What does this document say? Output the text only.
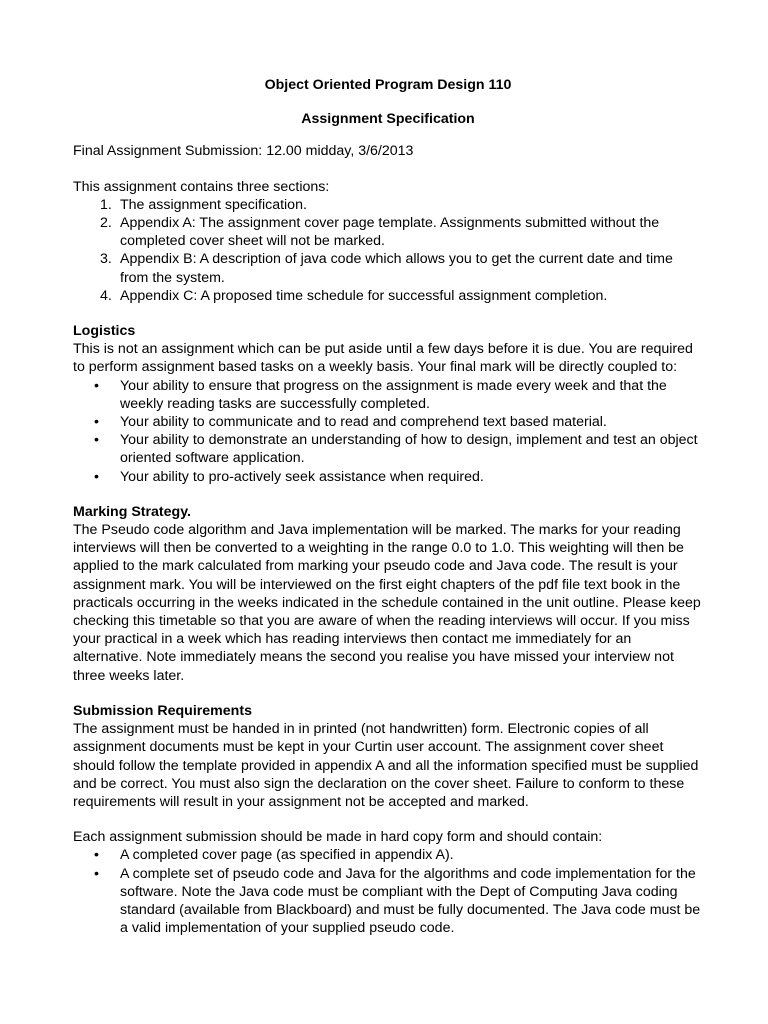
Object Oriented Program Design 110
Assignment Specification

Final Assignment Submission: 12.00 midday, 3/6/2013

This assignment contains three sections:

1. The assignment specification.
2. Appendix A: The assignment cover page template. Assignments submitted without the completed cover sheet will not be marked.
3. Appendix B: A description of java code which allows you to get the current date and time from the system.
4. Appendix C: A proposed time schedule for successful assignment completion.

Logistics

This is not an assignment which can be put aside until a few days before it is due. You are required to perform assignment based tasks on a weekly basis. Your final mark will be directly coupled to:

•	Your ability to ensure that progress on the assignment is made every week and that the weekly reading tasks are successfully completed.
•	Your ability to communicate and to read and comprehend text based material.
•	Your ability to demonstrate an understanding of how to design, implement and test an object oriented software application.
•	Your ability to pro-actively seek assistance when required.

Marking Strategy.

The Pseudo code algorithm and Java implementation will be marked. The marks for your reading interviews will then be converted to a weighting in the range 0.0 to 1.0. This weighting will then be applied to the mark calculated from marking your pseudo code and Java code. The result is your assignment mark. You will be interviewed on the first eight chapters of the pdf file text book in the practicals occurring in the weeks indicated in the schedule contained in the unit outline. Please keep checking this timetable so that you are aware of when the reading interviews will occur. If you miss your practical in a week which has reading interviews then contact me immediately for an alternative. Note immediately means the second you realise you have missed your interview not three weeks later.

Submission Requirements

The assignment must be handed in in printed (not handwritten) form. Electronic copies of all assignment documents must be kept in your Curtin user account. The assignment cover sheet should follow the template provided in appendix A and all the information specified must be supplied and be correct. You must also sign the declaration on the cover sheet. Failure to conform to these requirements will result in your assignment not be accepted and marked.

Each assignment submission should be made in hard copy form and should contain:

•	A completed cover page (as specified in appendix A).
•	A complete set of pseudo code and Java for the algorithms and code implementation for the software. Note the Java code must be compliant with the Dept of Computing Java coding standard (available from Blackboard) and must be fully documented. The Java code must be a valid implementation of your supplied pseudo code.
